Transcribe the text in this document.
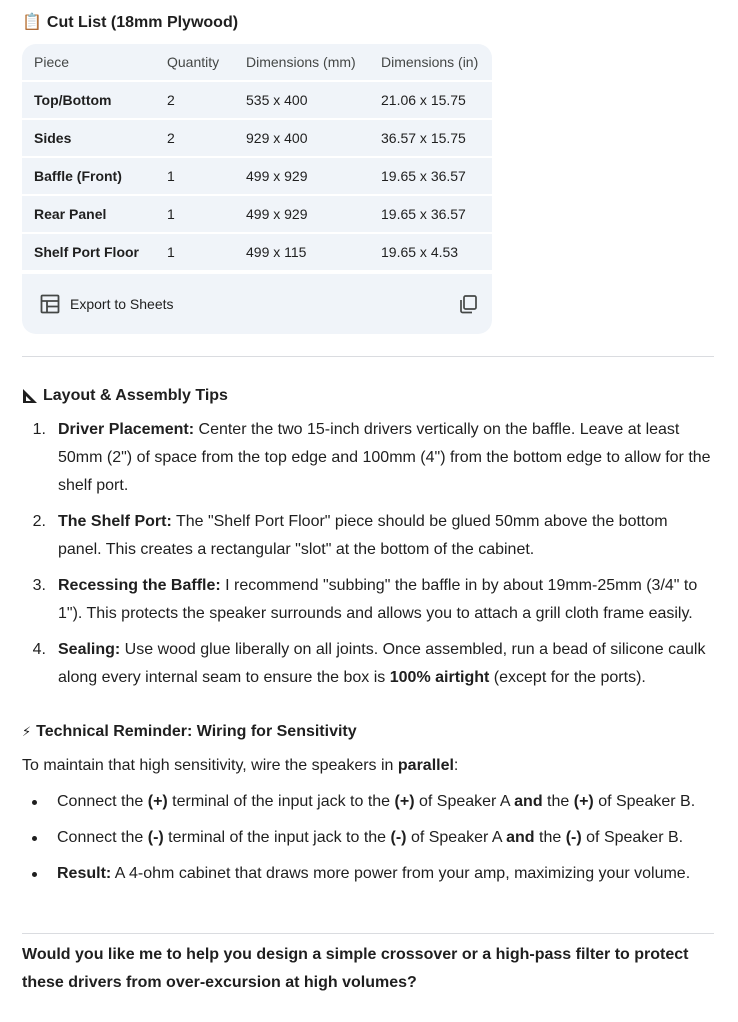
📋 Cut List (18mm Plywood)
Piece	Quantity	Dimensions (mm)	Dimensions (in)
Top/Bottom	2	535 x 400	21.06 x 15.75
Sides	2	929 x 400	36.57 x 15.75
Baffle (Front)	1	499 x 929	19.65 x 36.57
Rear Panel	1	499 x 929	19.65 x 36.57
Shelf Port Floor	1	499 x 115	19.65 x 4.53
Export to Sheets
Layout & Assembly Tips
1. Driver Placement: Center the two 15-inch drivers vertically on the baffle. Leave at least 50mm (2") of space from the top edge and 100mm (4") from the bottom edge to allow for the shelf port.
2. The Shelf Port: The "Shelf Port Floor" piece should be glued 50mm above the bottom panel. This creates a rectangular "slot" at the bottom of the cabinet.
3. Recessing the Baffle: I recommend "subbing" the baffle in by about 19mm-25mm (3/4" to 1"). This protects the speaker surrounds and allows you to attach a grill cloth frame easily.
4. Sealing: Use wood glue liberally on all joints. Once assembled, run a bead of silicone caulk along every internal seam to ensure the box is 100% airtight (except for the ports).
⚡ Technical Reminder: Wiring for Sensitivity
To maintain that high sensitivity, wire the speakers in parallel:
Connect the (+) terminal of the input jack to the (+) of Speaker A and the (+) of Speaker B.
Connect the (-) terminal of the input jack to the (-) of Speaker A and the (-) of Speaker B.
Result: A 4-ohm cabinet that draws more power from your amp, maximizing your volume.
Would you like me to help you design a simple crossover or a high-pass filter to protect these drivers from over-excursion at high volumes?
